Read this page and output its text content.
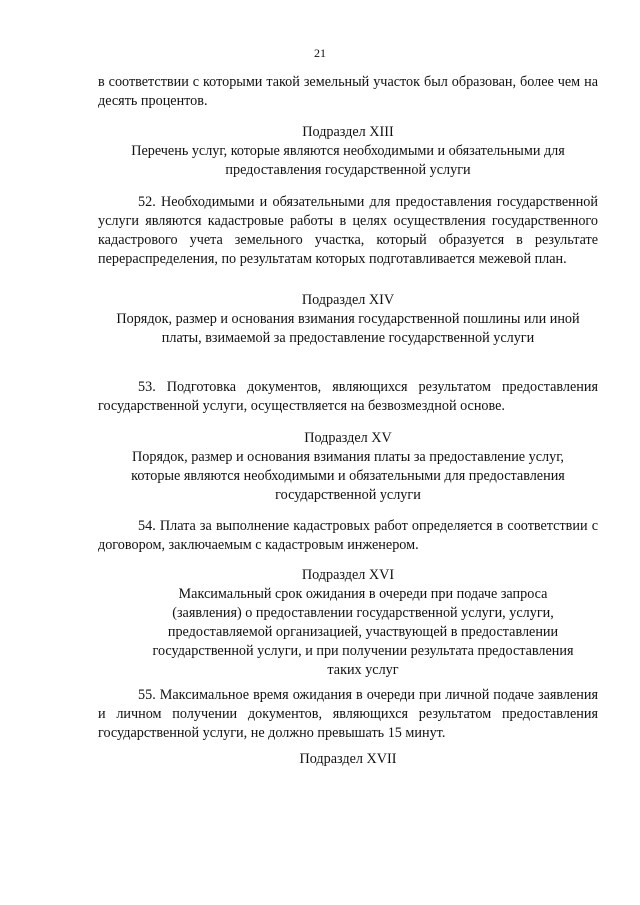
21
в соответствии с которыми такой земельный участок был образован, более чем на десять процентов.
Подраздел XIII
Перечень услуг, которые являются необходимыми и обязательными для предоставления государственной услуги
52. Необходимыми и обязательными для предоставления государственной услуги являются кадастровые работы в целях осуществления государственного кадастрового учета земельного участка, который образуется в результате перераспределения, по результатам которых подготавливается межевой план.
Подраздел XIV
Порядок, размер и основания взимания государственной пошлины или иной платы, взимаемой за предоставление государственной услуги
53. Подготовка документов, являющихся результатом предоставления государственной услуги, осуществляется на безвозмездной основе.
Подраздел XV
Порядок, размер и основания взимания платы за предоставление услуг, которые являются необходимыми и обязательными для предоставления государственной услуги
54. Плата за выполнение кадастровых работ определяется в соответствии с договором, заключаемым с кадастровым инженером.
Подраздел XVI
Максимальный срок ожидания в очереди при подаче запроса (заявления) о предоставлении государственной услуги, услуги, предоставляемой организацией, участвующей в предоставлении государственной услуги, и при получении результата предоставления таких услуг
55. Максимальное время ожидания в очереди при личной подаче заявления и личном получении документов, являющихся результатом предоставления государственной услуги, не должно превышать 15 минут.
Подраздел XVII
